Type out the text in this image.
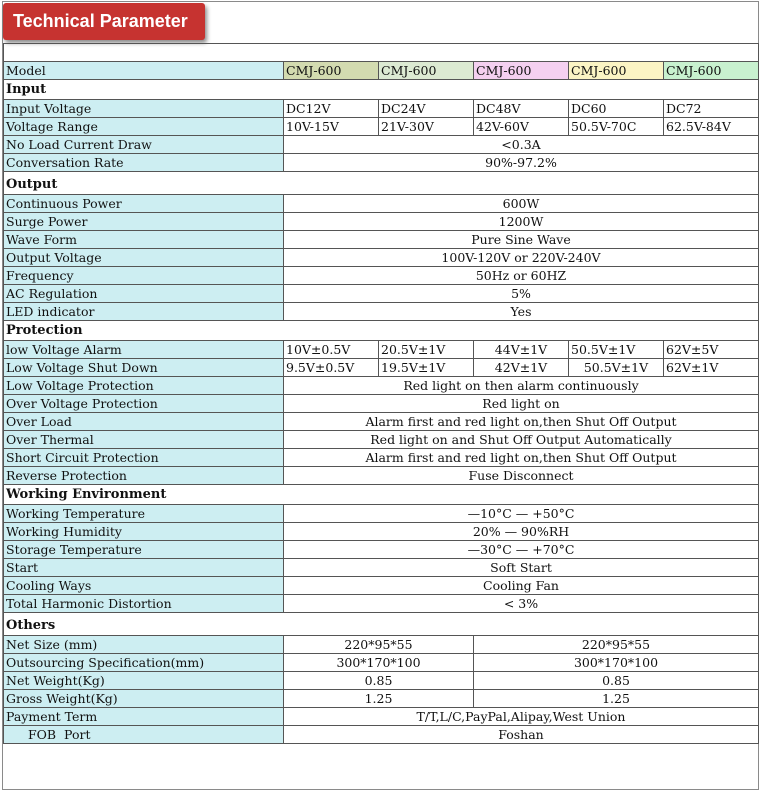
Technical Parameter

Model	CMJ-600	CMJ-600	CMJ-600	CMJ-600	CMJ-600
Input					
Input Voltage	DC12V	DC24V	DC48V	DC60	DC72
Voltage Range	10V-15V	21V-30V	42V-60V	50.5V-70C	62.5V-84V
No Load Current Draw	<0.3A				
Conversation Rate	90%-97.2%				
Output					
Continuous Power	600W				
Surge Power	1200W				
Wave Form	Pure Sine Wave				
Output Voltage	100V-120V or 220V-240V				
Frequency	50Hz or 60HZ				
AC Regulation	5%				
LED indicator	Yes				
Protection					
low Voltage Alarm	10V±0.5V	20.5V±1V	44V±1V	50.5V±1V	62V±5V
Low Voltage Shut Down	9.5V±0.5V	19.5V±1V	42V±1V	50.5V±1V	62V±1V
Low Voltage Protection	Red light on then alarm continuously				
Over Voltage Protection	Red light on				
Over Load	Alarm first and red light on,then Shut Off Output				
Over Thermal	Red light on and Shut Off Output Automatically				
Short Circuit Protection	Alarm first and red light on,then Shut Off Output				
Reverse Protection	Fuse Disconnect				
Working Environment					
Working Temperature	—10°C — +50°C				
Working Humidity	20% — 90%RH				
Storage Temperature	—30°C — +70°C				
Start	Soft Start				
Cooling Ways	Cooling Fan				
Total Harmonic Distortion	< 3%				
Others					
Net Size (mm)	220*95*55		220*95*55		
Outsourcing Specification(mm)	300*170*100		300*170*100		
Net Weight(Kg)	0.85		0.85		
Gross Weight(Kg)	1.25		1.25		
Payment Term	T/T,L/C,PayPal,Alipay,West Union				
FOB  Port	Foshan				
